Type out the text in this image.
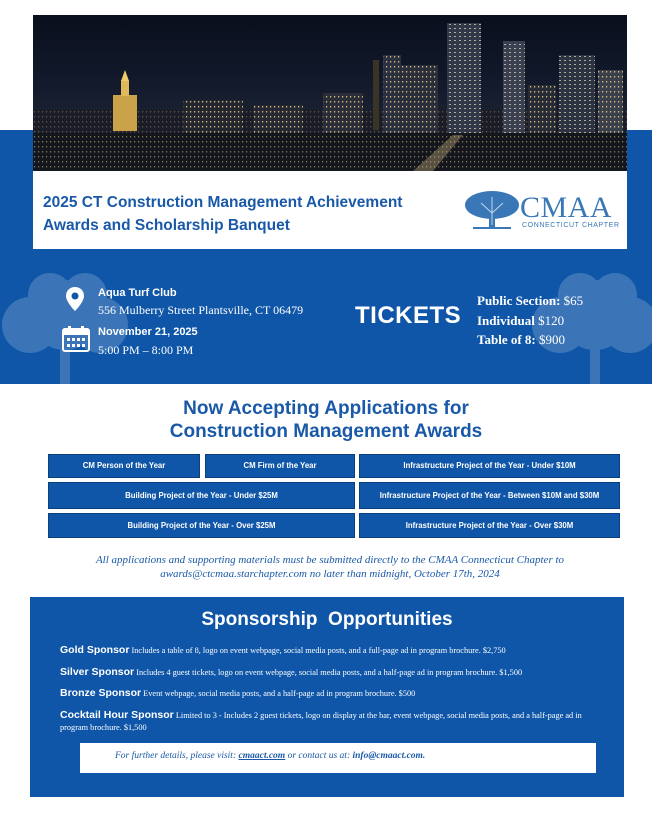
2025 CT Construction Management Achievement
Awards and Scholarship Banquet
CMAA
CONNECTICUT CHAPTER
Aqua Turf Club
556 Mulberry Street Plantsville, CT 06479
November 21, 2025
5:00 PM – 8:00 PM
TICKETS
Public Section: $65
Individual $120
Table of 8: $900
Now Accepting Applications for
Construction Management Awards
CM Person of the Year	CM Firm of the Year	Infrastructure Project of the Year - Under $10M
Building Project of the Year - Under $25M	Infrastructure Project of the Year - Between $10M and $30M
Building Project of the Year - Over $25M	Infrastructure Project of the Year - Over $30M
All applications and supporting materials must be submitted directly to the CMAA Connecticut Chapter to
awards@ctcmaa.starchapter.com no later than midnight, October 17th, 2024
Sponsorship  Opportunities
Gold Sponsor Includes a table of 8, logo on event webpage, social media posts, and a full-page ad in program brochure. $2,750
Silver Sponsor Includes 4 guest tickets, logo on event webpage, social media posts, and a half-page ad in program brochure. $1,500
Bronze Sponsor Event webpage, social media posts, and a half-page ad in program brochure. $500
Cocktail Hour Sponsor Limited to 3 - Includes 2 guest tickets, logo on display at the bar, event webpage, social media posts, and a half-page ad in program brochure. $1,500
For further details, please visit: cmaact.com or contact us at: info@cmaact.com.
